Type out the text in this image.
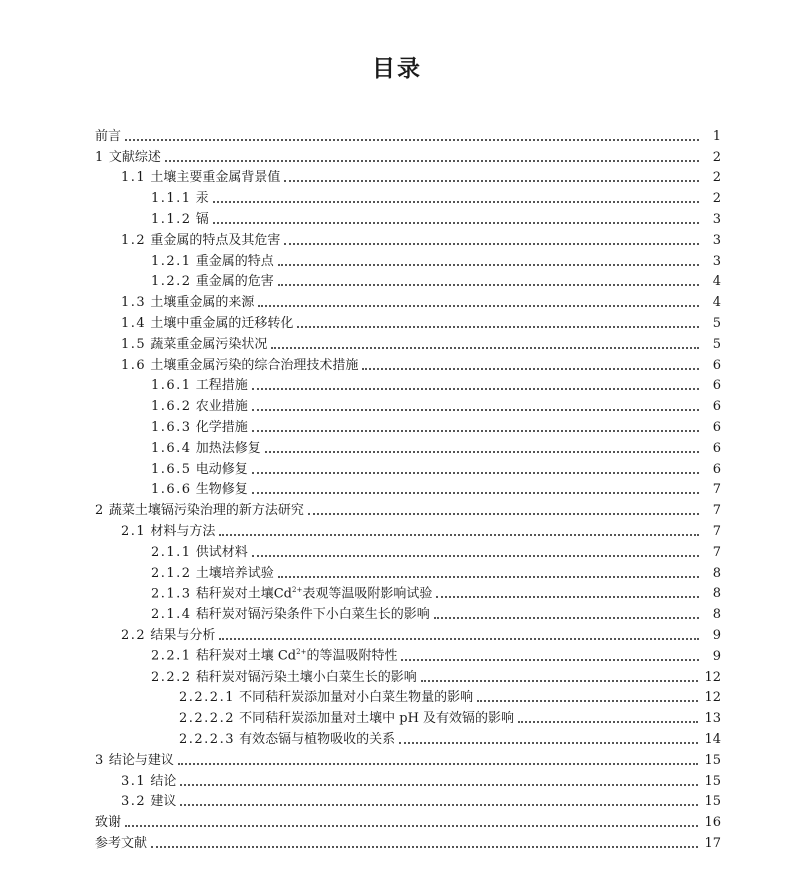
目录
前言	1
1 文献综述	2
1.1 土壤主要重金属背景值	2
1.1.1 汞	2
1.1.2 镉	3
1.2 重金属的特点及其危害	3
1.2.1 重金属的特点	3
1.2.2 重金属的危害	4
1.3 土壤重金属的来源	4
1.4 土壤中重金属的迁移转化	5
1.5 蔬菜重金属污染状况	5
1.6 土壤重金属污染的综合治理技术措施	6
1.6.1 工程措施	6
1.6.2 农业措施	6
1.6.3 化学措施	6
1.6.4 加热法修复	6
1.6.5 电动修复	6
1.6.6 生物修复	7
2 蔬菜土壤镉污染治理的新方法研究	7
2.1 材料与方法	7
2.1.1 供试材料	7
2.1.2 土壤培养试验	8
2.1.3 秸秆炭对土壤$Cd^{2+}$表观等温吸附影响试验	8
2.1.4 秸秆炭对镉污染条件下小白菜生长的影响	8
2.2 结果与分析	9
2.2.1 秸秆炭对土壤 $Cd^{2+}$的等温吸附特性	9
2.2.2 秸秆炭对镉污染土壤小白菜生长的影响	12
2.2.2.1 不同秸秆炭添加量对小白菜生物量的影响	12
2.2.2.2 不同秸秆炭添加量对土壤中 pH 及有效镉的影响	13
2.2.2.3 有效态镉与植物吸收的关系	14
3 结论与建议	15
3.1 结论	15
3.2 建议	15
致谢	16
参考文献	17
